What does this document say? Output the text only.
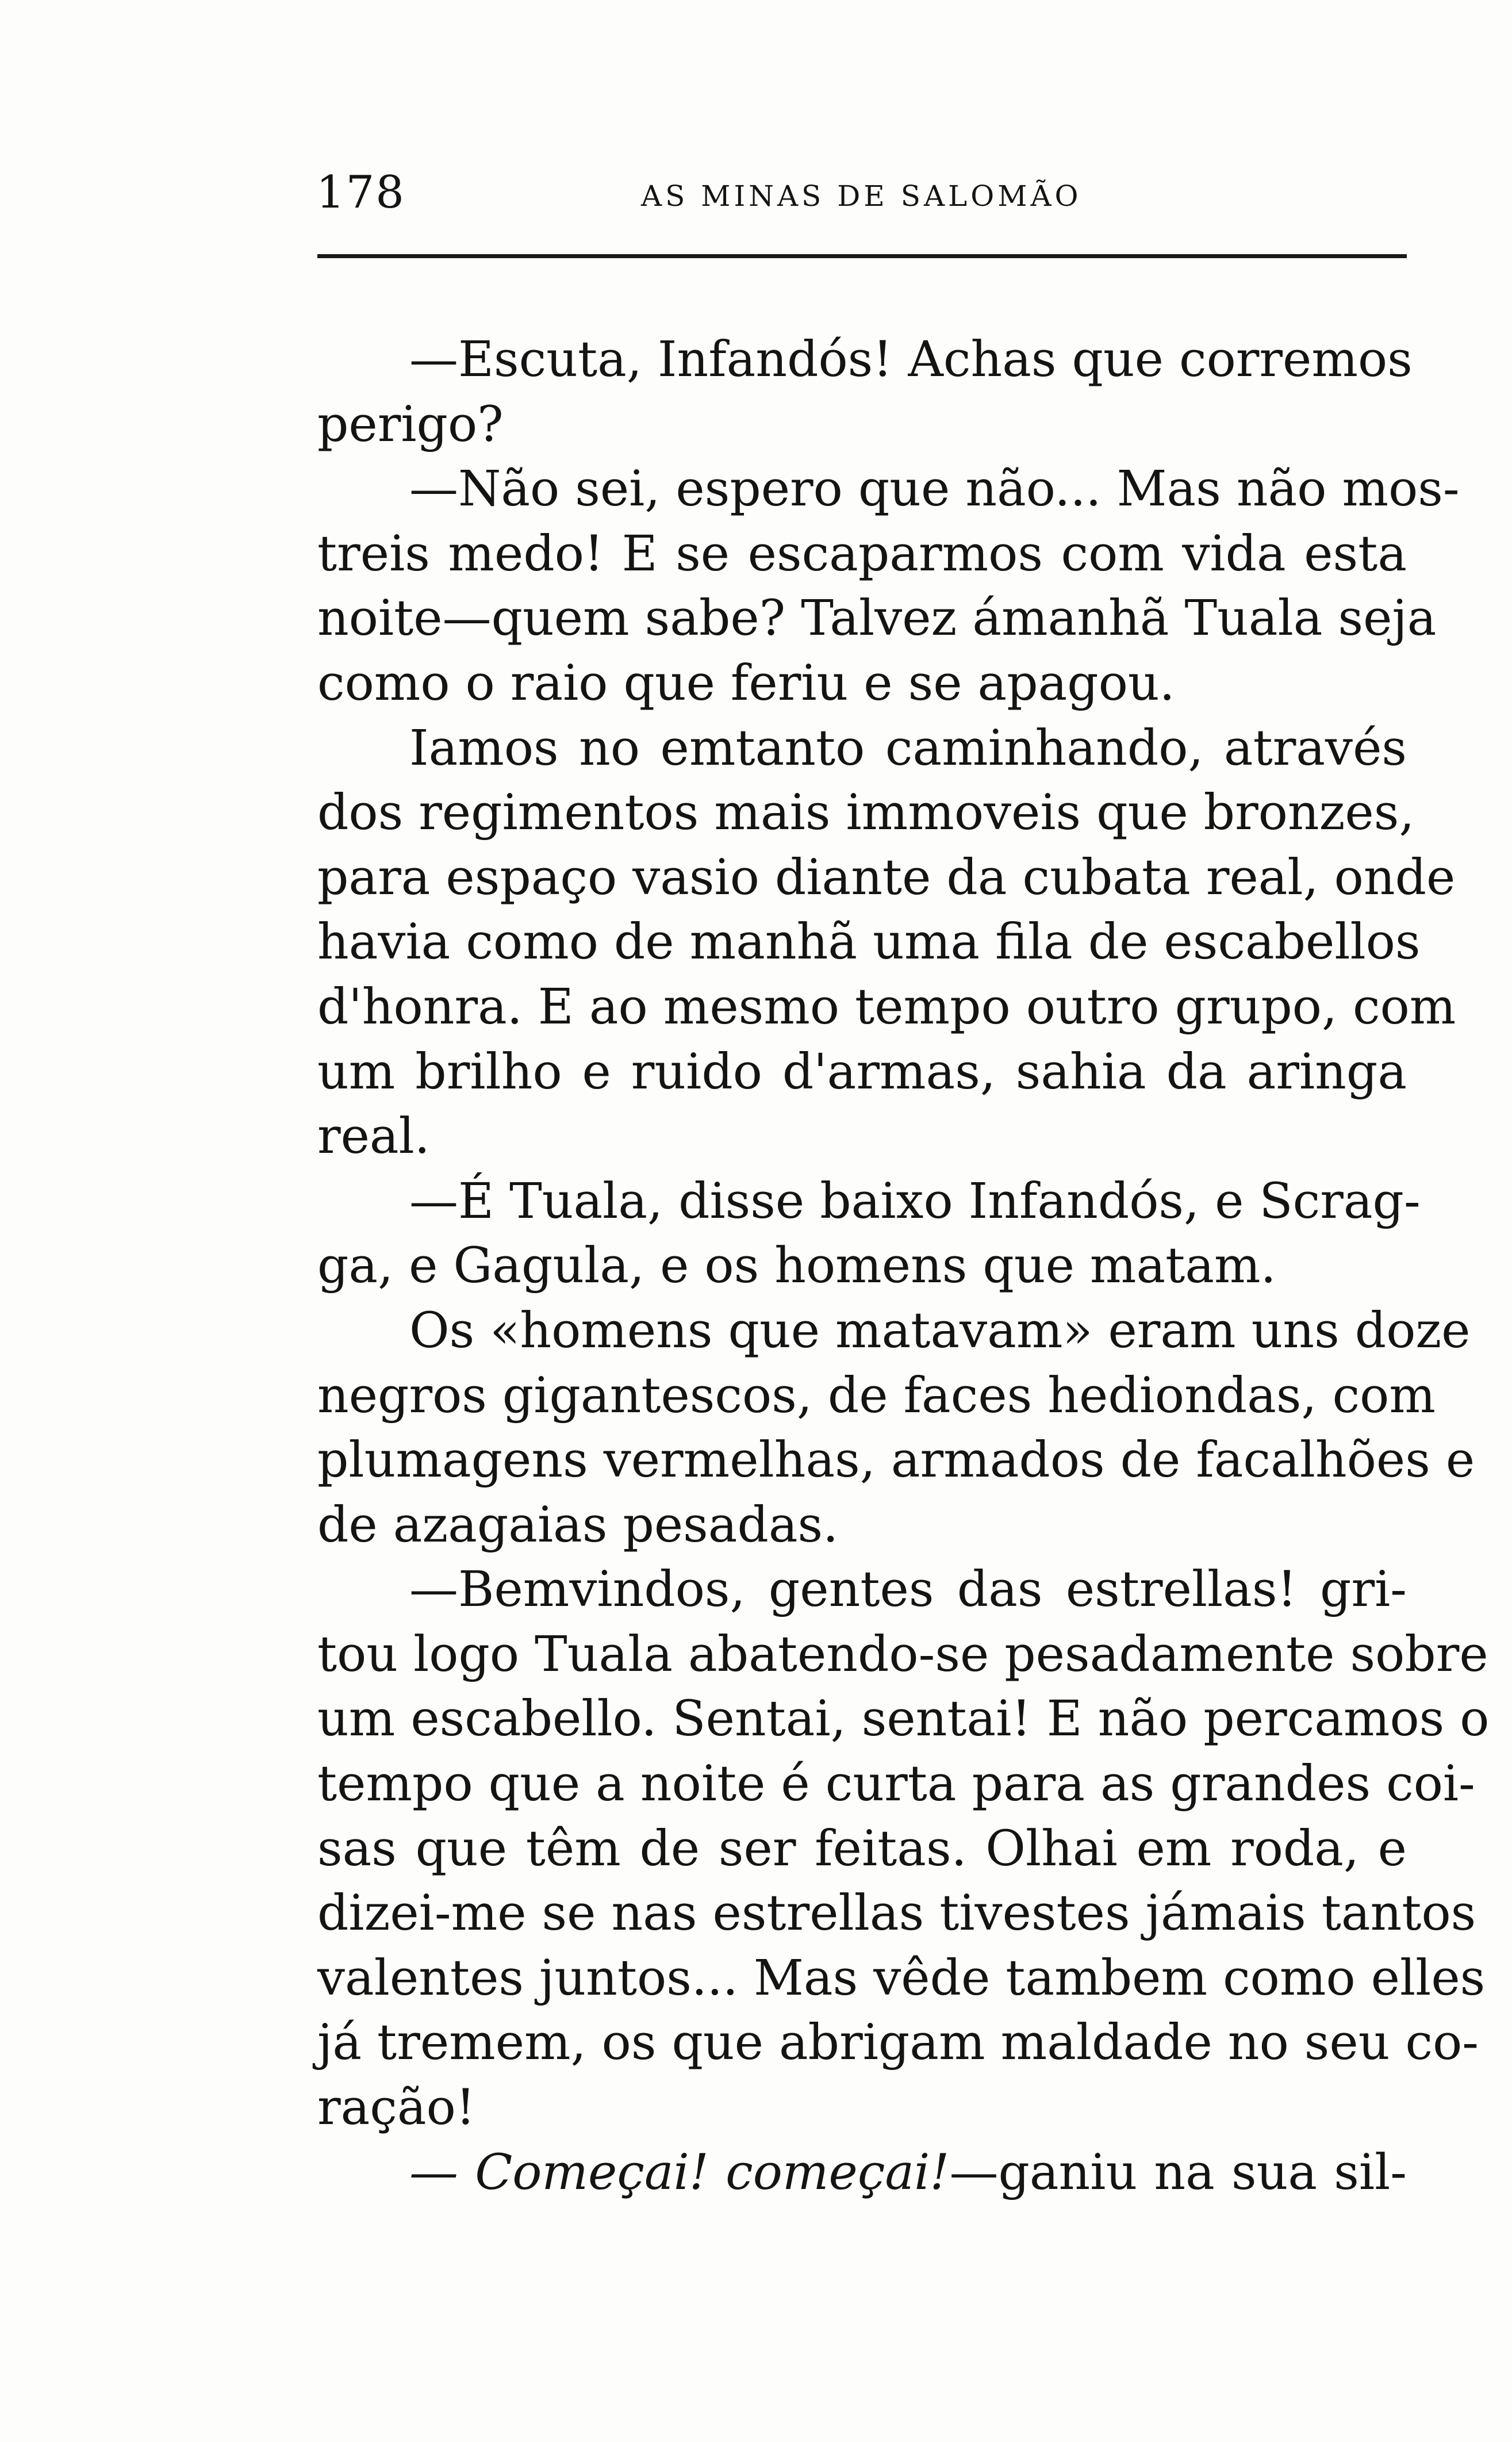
178	AS MINAS DE SALOMÃO
—Escuta, Infandós! Achas que corremos
perigo?
—Não sei, espero que não... Mas não mos-
treis medo! E se escaparmos com vida esta
noite—quem sabe? Talvez ámanhã Tuala seja
como o raio que feriu e se apagou.
Iamos no emtanto caminhando, através
dos regimentos mais immoveis que bronzes,
para espaço vasio diante da cubata real, onde
havia como de manhã uma fila de escabellos
d'honra. E ao mesmo tempo outro grupo, com
um brilho e ruido d'armas, sahia da aringa
real.
—É Tuala, disse baixo Infandós, e Scrag-
ga, e Gagula, e os homens que matam.
Os «homens que matavam» eram uns doze
negros gigantescos, de faces hediondas, com
plumagens vermelhas, armados de facalhões e
de azagaias pesadas.
—Bemvindos, gentes das estrellas! gri-
tou logo Tuala abatendo-se pesadamente sobre
um escabello. Sentai, sentai! E não percamos o
tempo que a noite é curta para as grandes coi-
sas que têm de ser feitas. Olhai em roda, e
dizei-me se nas estrellas tivestes jámais tantos
valentes juntos... Mas vêde tambem como elles
já tremem, os que abrigam maldade no seu co-
ração!
— Começai! começai!—ganiu na sua sil-
